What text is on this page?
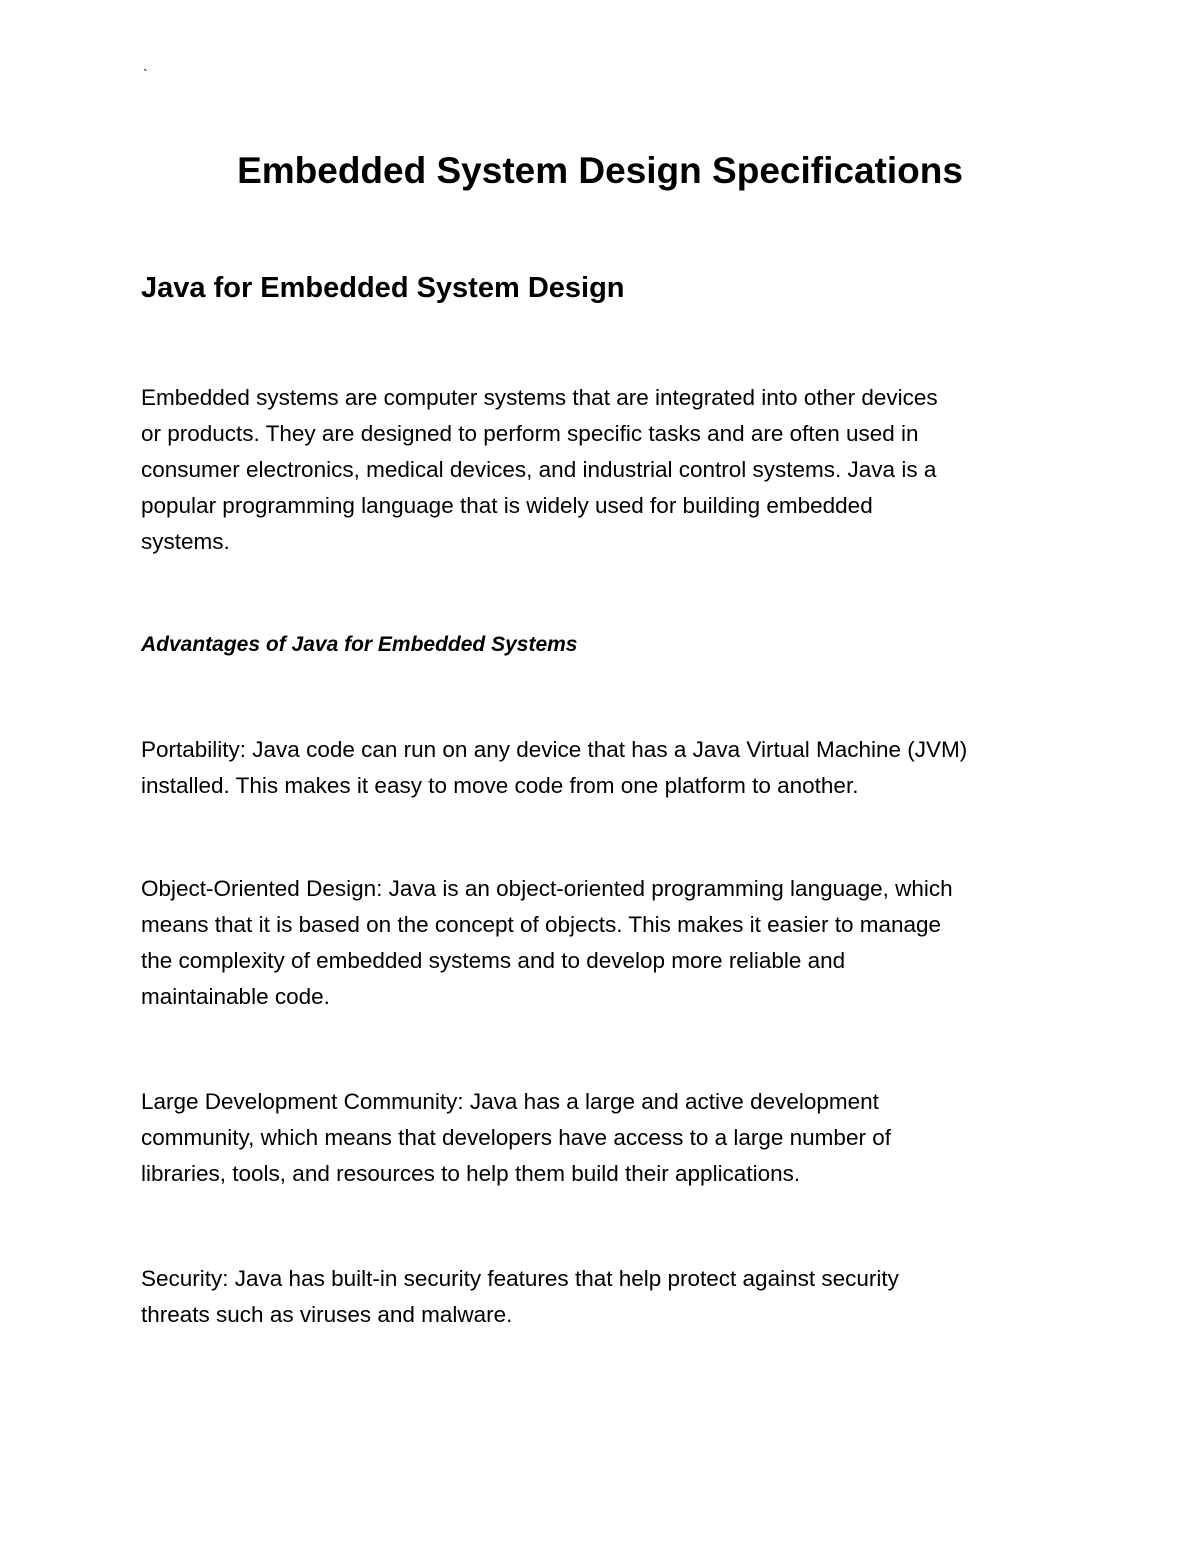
`
Embedded System Design Specifications
Java for Embedded System Design

Embedded systems are computer systems that are integrated into other devices
or products. They are designed to perform specific tasks and are often used in
consumer electronics, medical devices, and industrial control systems. Java is a
popular programming language that is widely used for building embedded
systems.

Advantages of Java for Embedded Systems

Portability: Java code can run on any device that has a Java Virtual Machine (JVM)
installed. This makes it easy to move code from one platform to another.

Object-Oriented Design: Java is an object-oriented programming language, which
means that it is based on the concept of objects. This makes it easier to manage
the complexity of embedded systems and to develop more reliable and
maintainable code.

Large Development Community: Java has a large and active development
community, which means that developers have access to a large number of
libraries, tools, and resources to help them build their applications.

Security: Java has built-in security features that help protect against security
threats such as viruses and malware.
